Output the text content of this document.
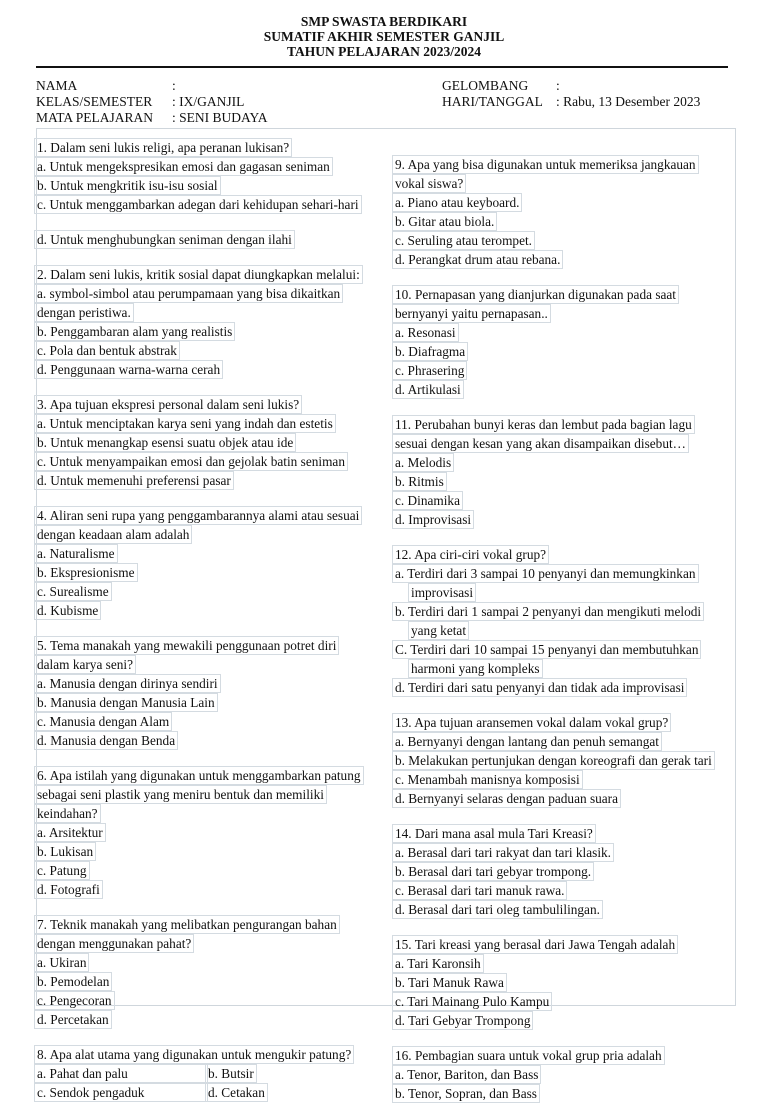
SMP SWASTA BERDIKARI
SUMATIF AKHIR SEMESTER GANJIL
TAHUN PELAJARAN 2023/2024
NAMA	:
KELAS/SEMESTER : IX/GANJIL
MATA PELAJARAN : SENI BUDAYA
GELOMBANG :
HARI/TANGGAL : Rabu, 13 Desember 2023
1. Dalam seni lukis religi, apa peranan lukisan?
a. Untuk mengekspresikan emosi dan gagasan seniman
b. Untuk mengkritik isu-isu sosial
c. Untuk menggambarkan adegan dari kehidupan sehari-hari
d. Untuk menghubungkan seniman dengan ilahi
2. Dalam seni lukis, kritik sosial dapat diungkapkan melalui:
a. symbol-simbol atau perumpamaan yang bisa dikaitkan
dengan peristiwa.
b. Penggambaran alam yang realistis
c. Pola dan bentuk abstrak
d. Penggunaan warna-warna cerah
3. Apa tujuan ekspresi personal dalam seni lukis?
a. Untuk menciptakan karya seni yang indah dan estetis
b. Untuk menangkap esensi suatu objek atau ide
c. Untuk menyampaikan emosi dan gejolak batin seniman
d. Untuk memenuhi preferensi pasar
4. Aliran seni rupa yang penggambarannya alami atau sesuai
dengan keadaan alam adalah
a. Naturalisme
b. Ekspresionisme
c. Surealisme
d. Kubisme
5. Tema manakah yang mewakili penggunaan potret diri
dalam karya seni?
a. Manusia dengan dirinya sendiri
b. Manusia dengan Manusia Lain
c. Manusia dengan Alam
d. Manusia dengan Benda
6. Apa istilah yang digunakan untuk menggambarkan patung
sebagai seni plastik yang meniru bentuk dan memiliki
keindahan?
a. Arsitektur
b. Lukisan
c. Patung
d. Fotografi
7. Teknik manakah yang melibatkan pengurangan bahan
dengan menggunakan pahat?
a. Ukiran
b. Pemodelan
c. Pengecoran
d. Percetakan
8. Apa alat utama yang digunakan untuk mengukir patung?
a. Pahat dan palu	b. Butsir
c. Sendok pengaduk	d. Cetakan
9. Apa yang bisa digunakan untuk memeriksa jangkauan
vokal siswa?
a. Piano atau keyboard.
b. Gitar atau biola.
c. Seruling atau terompet.
d. Perangkat drum atau rebana.
10. Pernapasan yang dianjurkan digunakan pada saat
bernyanyi yaitu pernapasan..
a. Resonasi
b. Diafragma
c. Phrasering
d. Artikulasi
11. Perubahan bunyi keras dan lembut pada bagian lagu
sesuai dengan kesan yang akan disampaikan disebut…
a. Melodis
b. Ritmis
c. Dinamika
d. Improvisasi
12. Apa ciri-ciri vokal grup?
a. Terdiri dari 3 sampai 10 penyanyi dan memungkinkan
improvisasi
b. Terdiri dari 1 sampai 2 penyanyi dan mengikuti melodi
yang ketat
C. Terdiri dari 10 sampai 15 penyanyi dan membutuhkan
harmoni yang kompleks
d. Terdiri dari satu penyanyi dan tidak ada improvisasi
13. Apa tujuan aransemen vokal dalam vokal grup?
a. Bernyanyi dengan lantang dan penuh semangat
b. Melakukan pertunjukan dengan koreografi dan gerak tari
c. Menambah manisnya komposisi
d. Bernyanyi selaras dengan paduan suara
14. Dari mana asal mula Tari Kreasi?
a. Berasal dari tari rakyat dan tari klasik.
b. Berasal dari tari gebyar trompong.
c. Berasal dari tari manuk rawa.
d. Berasal dari tari oleg tambulilingan.
15. Tari kreasi yang berasal dari Jawa Tengah adalah
a. Tari Karonsih
b. Tari Manuk Rawa
c. Tari Mainang Pulo Kampu
d. Tari Gebyar Trompong
16. Pembagian suara untuk vokal grup pria adalah
a. Tenor, Bariton, dan Bass
b. Tenor, Sopran, dan Bass
